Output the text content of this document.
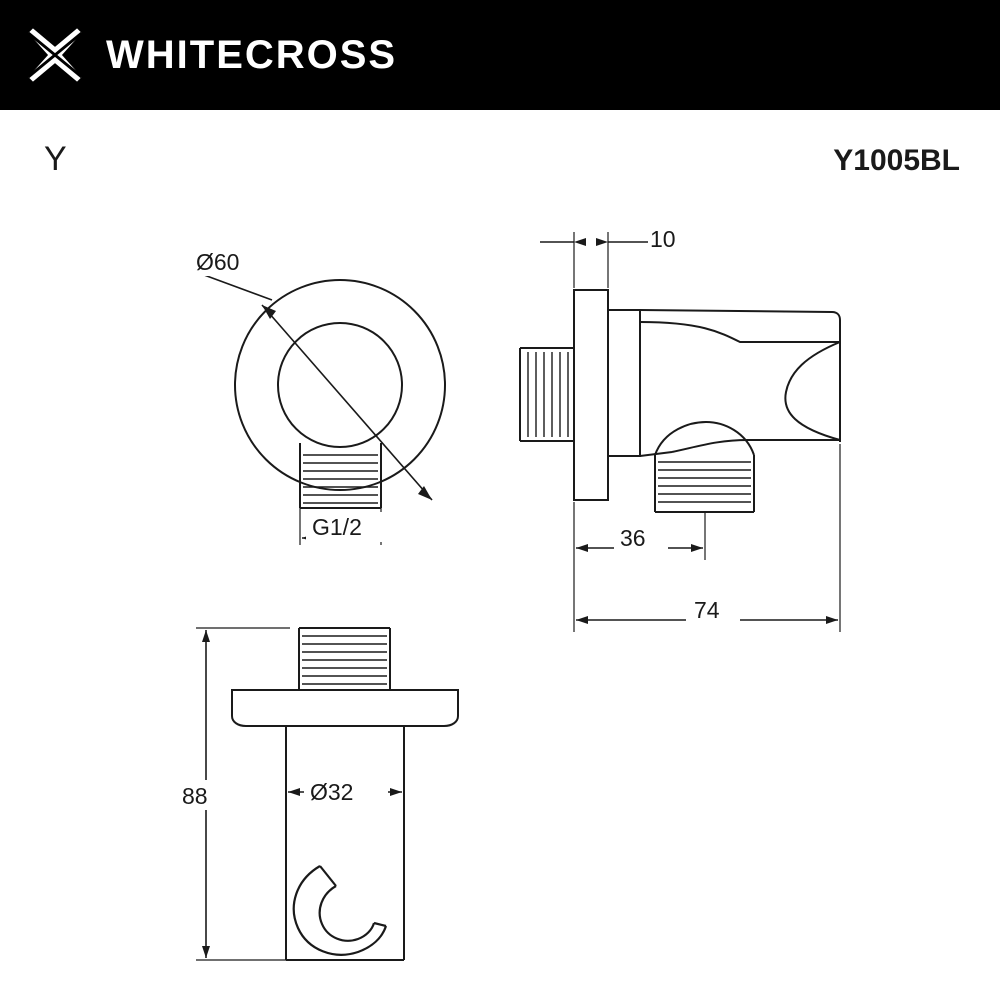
WHITECROSS
Y	Y1005BL
Ø60
G1/2
10
36
74
88	Ø32
